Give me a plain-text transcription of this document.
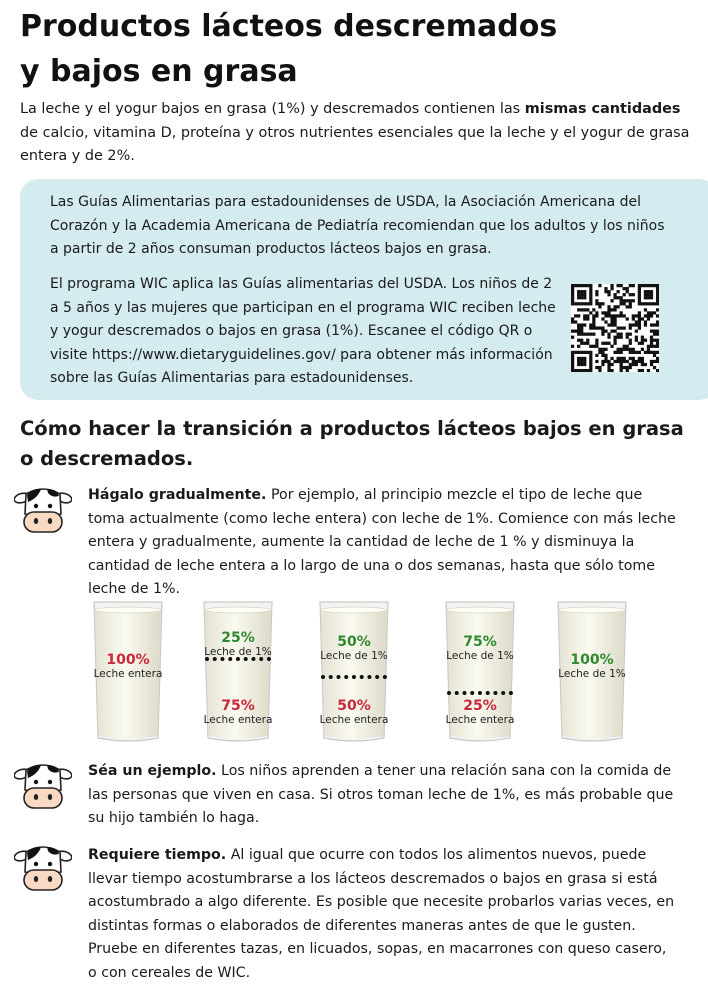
Productos lácteos descremados
y bajos en grasa

La leche y el yogur bajos en grasa (1%) y descremados contienen las mismas cantidades de calcio, vitamina D, proteína y otros nutrientes esenciales que la leche y el yogur de grasa entera y de 2%.

Las Guías Alimentarias para estadounidenses de USDA, la Asociación Americana del Corazón y la Academia Americana de Pediatría recomiendan que los adultos y los niños a partir de 2 años consuman productos lácteos bajos en grasa.

El programa WIC aplica las Guías alimentarias del USDA. Los niños de 2 a 5 años y las mujeres que participan en el programa WIC reciben leche y yogur descremados o bajos en grasa (1%). Escanee el código QR o visite https://www.dietaryguidelines.gov/ para obtener más información sobre las Guías Alimentarias para estadounidenses.

Cómo hacer la transición a productos lácteos bajos en grasa o descremados.

Hágalo gradualmente. Por ejemplo, al principio mezcle el tipo de leche que toma actualmente (como leche entera) con leche de 1%. Comience con más leche entera y gradualmente, aumente la cantidad de leche de 1 % y disminuya la cantidad de leche entera a lo largo de una o dos semanas, hasta que sólo tome leche de 1%.

100%
Leche entera
25%
Leche de 1%
75%
Leche entera
50%
Leche de 1%
50%
Leche entera
75%
Leche de 1%
25%
Leche entera
100%
Leche de 1%

Séa un ejemplo. Los niños aprenden a tener una relación sana con la comida de las personas que viven en casa. Si otros toman leche de 1%, es más probable que su hijo también lo haga.

Requiere tiempo. Al igual que ocurre con todos los alimentos nuevos, puede llevar tiempo acostumbrarse a los lácteos descremados o bajos en grasa si está acostumbrado a algo diferente. Es posible que necesite probarlos varias veces, en distintas formas o elaborados de diferentes maneras antes de que le gusten. Pruebe en diferentes tazas, en licuados, sopas, en macarrones con queso casero, o con cereales de WIC.
